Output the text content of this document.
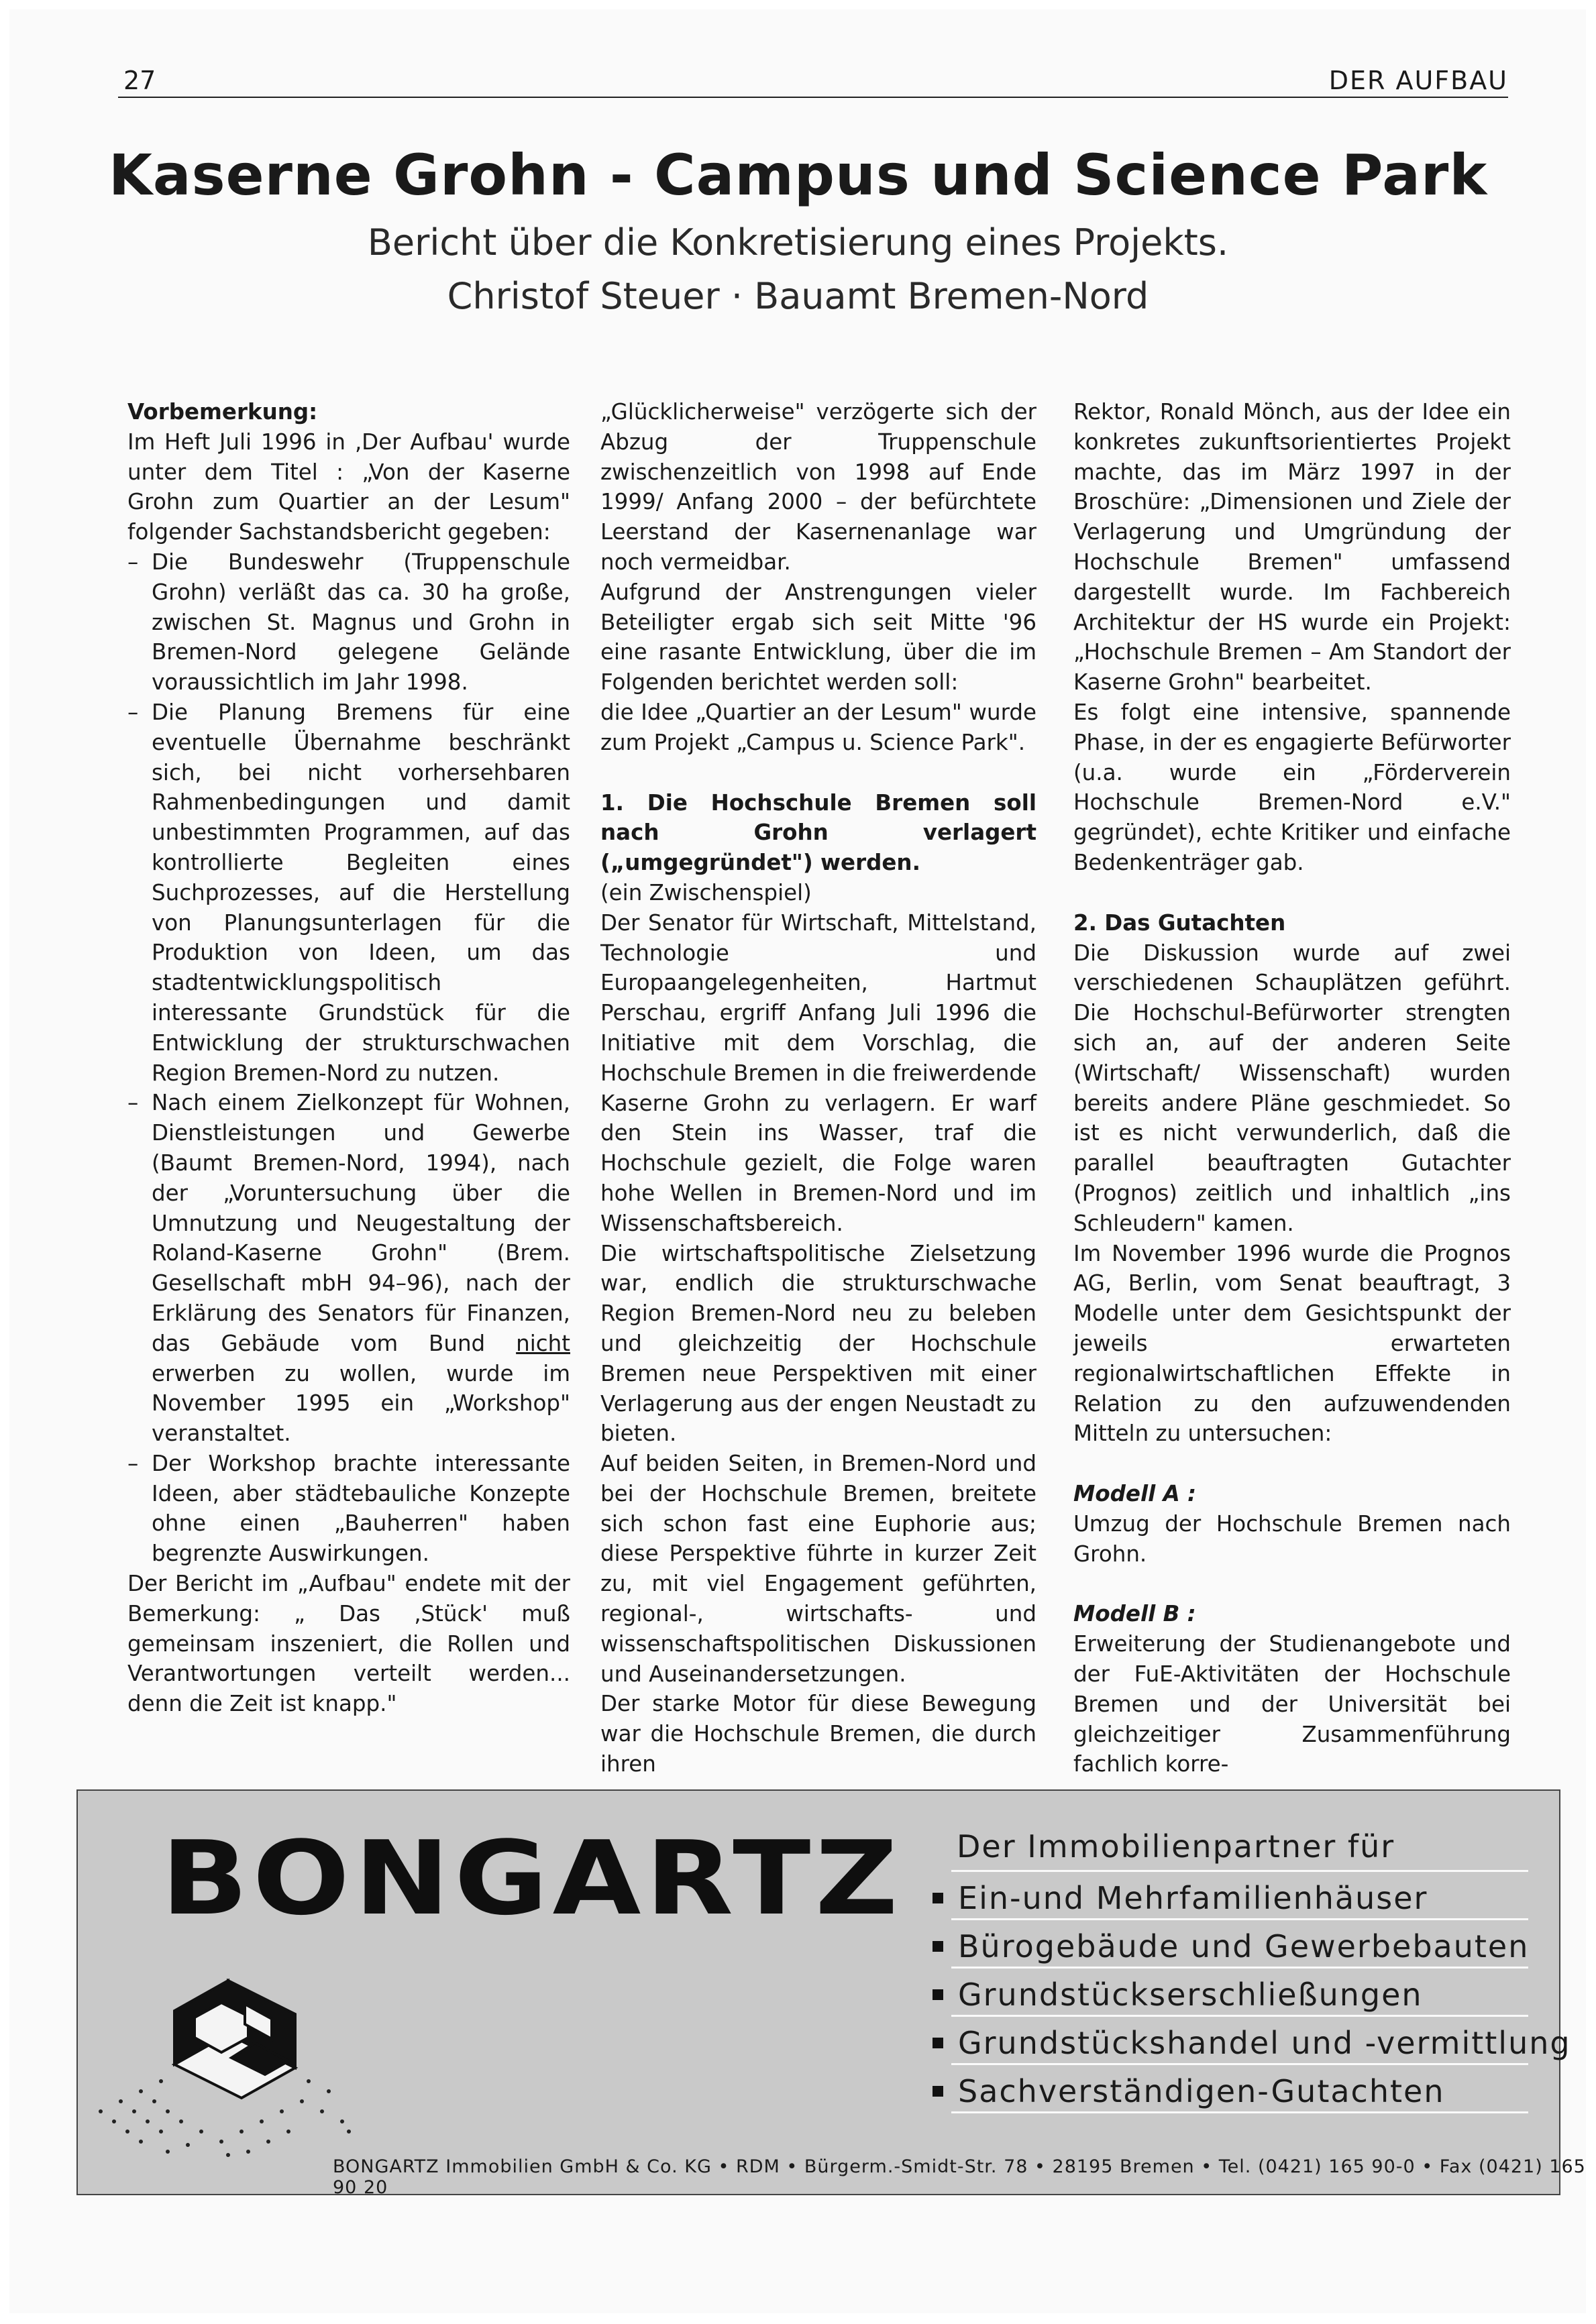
27	DER AUFBAU
Kaserne Grohn - Campus und Science Park
Bericht über die Konkretisierung eines Projekts.
Christof Steuer · Bauamt Bremen-Nord

Vorbemerkung:

Im Heft Juli 1996 in ‚Der Aufbau' wurde unter dem Titel : „Von der Kaserne Grohn zum Quartier an der Lesum" folgender Sachstandsbericht gegeben:

– Die Bundeswehr (Truppenschule Grohn) verläßt das ca. 30 ha große, zwischen St. Magnus und Grohn in Bremen-Nord gelegene Gelände voraussichtlich im Jahr 1998.

– Die Planung Bremens für eine eventuelle Übernahme beschränkt sich, bei nicht vorhersehbaren Rahmenbedingungen und damit unbestimmten Programmen, auf das kontrollierte Begleiten eines Suchprozesses, auf die Herstellung von Planungsunterlagen für die Produktion von Ideen, um das stadtentwicklungspolitisch interessante Grundstück für die Entwicklung der strukturschwachen Region Bremen-Nord zu nutzen.

– Nach einem Zielkonzept für Wohnen, Dienstleistungen und Gewerbe (Baumt Bremen-Nord, 1994), nach der „Voruntersuchung über die Umnutzung und Neugestaltung der Roland-Kaserne Grohn" (Brem. Gesellschaft mbH 94–96), nach der Erklärung des Senators für Finanzen, das Gebäude vom Bund nicht erwerben zu wollen, wurde im November 1995 ein „Workshop" veranstaltet.

– Der Workshop brachte interessante Ideen, aber städtebauliche Konzepte ohne einen „Bauherren" haben begrenzte Auswirkungen.

Der Bericht im „Aufbau" endete mit der Bemerkung: „ Das ‚Stück' muß gemeinsam inszeniert, die Rollen und Verantwortungen verteilt werden... denn die Zeit ist knapp."

„Glücklicherweise" verzögerte sich der Abzug der Truppenschule zwischenzeitlich von 1998 auf Ende 1999/ Anfang 2000 – der befürchtete Leerstand der Kasernenanlage war noch vermeidbar.

Aufgrund der Anstrengungen vieler Beteiligter ergab sich seit Mitte '96 eine rasante Entwicklung, über die im Folgenden berichtet werden soll:

die Idee „Quartier an der Lesum" wurde zum Projekt „Campus u. Science Park".

1. Die Hochschule Bremen soll nach Grohn verlagert („umgegründet") werden.

(ein Zwischenspiel)

Der Senator für Wirtschaft, Mittelstand, Technologie und Europaangelegenheiten, Hartmut Perschau, ergriff Anfang Juli 1996 die Initiative mit dem Vorschlag, die Hochschule Bremen in die freiwerdende Kaserne Grohn zu verlagern. Er warf den Stein ins Wasser, traf die Hochschule gezielt, die Folge waren hohe Wellen in Bremen-Nord und im Wissenschaftsbereich.

Die wirtschaftspolitische Zielsetzung war, endlich die strukturschwache Region Bremen-Nord neu zu beleben und gleichzeitig der Hochschule Bremen neue Perspektiven mit einer Verlagerung aus der engen Neustadt zu bieten.

Auf beiden Seiten, in Bremen-Nord und bei der Hochschule Bremen, breitete sich schon fast eine Euphorie aus; diese Perspektive führte in kurzer Zeit zu, mit viel Engagement geführten, regional-, wirtschafts- und wissenschaftspolitischen Diskussionen und Auseinandersetzungen.

Der starke Motor für diese Bewegung war die Hochschule Bremen, die durch ihren

Rektor, Ronald Mönch, aus der Idee ein konkretes zukunftsorientiertes Projekt machte, das im März 1997 in der Broschüre: „Dimensionen und Ziele der Verlagerung und Umgründung der Hochschule Bremen" umfassend dargestellt wurde. Im Fachbereich Architektur der HS wurde ein Projekt: „Hochschule Bremen – Am Standort der Kaserne Grohn" bearbeitet.

Es folgt eine intensive, spannende Phase, in der es engagierte Befürworter (u.a. wurde ein „Förderverein Hochschule Bremen-Nord e.V." gegründet), echte Kritiker und einfache Bedenkenträger gab.

2. Das Gutachten

Die Diskussion wurde auf zwei verschiedenen Schauplätzen geführt. Die Hochschul-Befürworter strengten sich an, auf der anderen Seite (Wirtschaft/ Wissenschaft) wurden bereits andere Pläne geschmiedet. So ist es nicht verwunderlich, daß die parallel beauftragten Gutachter (Prognos) zeitlich und inhaltlich „ins Schleudern" kamen.

Im November 1996 wurde die Prognos AG, Berlin, vom Senat beauftragt, 3 Modelle unter dem Gesichtspunkt der jeweils erwarteten regionalwirtschaftlichen Effekte in Relation zu den aufzuwendenden Mitteln zu untersuchen:

Modell A :

Umzug der Hochschule Bremen nach Grohn.

Modell B :

Erweiterung der Studienangebote und der FuE-Aktivitäten der Hochschule Bremen und der Universität bei gleichzeitiger Zusammenführung fachlich korre-

BONGARTZ Der Immobilienpartner für
Ein-und Mehrfamilienhäuser
Bürogebäude und Gewerbebauten
Grundstückserschließungen
Grundstückshandel und -vermittlung
Sachverständigen-Gutachten
BONGARTZ Immobilien GmbH & Co. KG • RDM • Bürgerm.-Smidt-Str. 78 • 28195 Bremen • Tel. (0421) 165 90-0 • Fax (0421) 165 90 20
